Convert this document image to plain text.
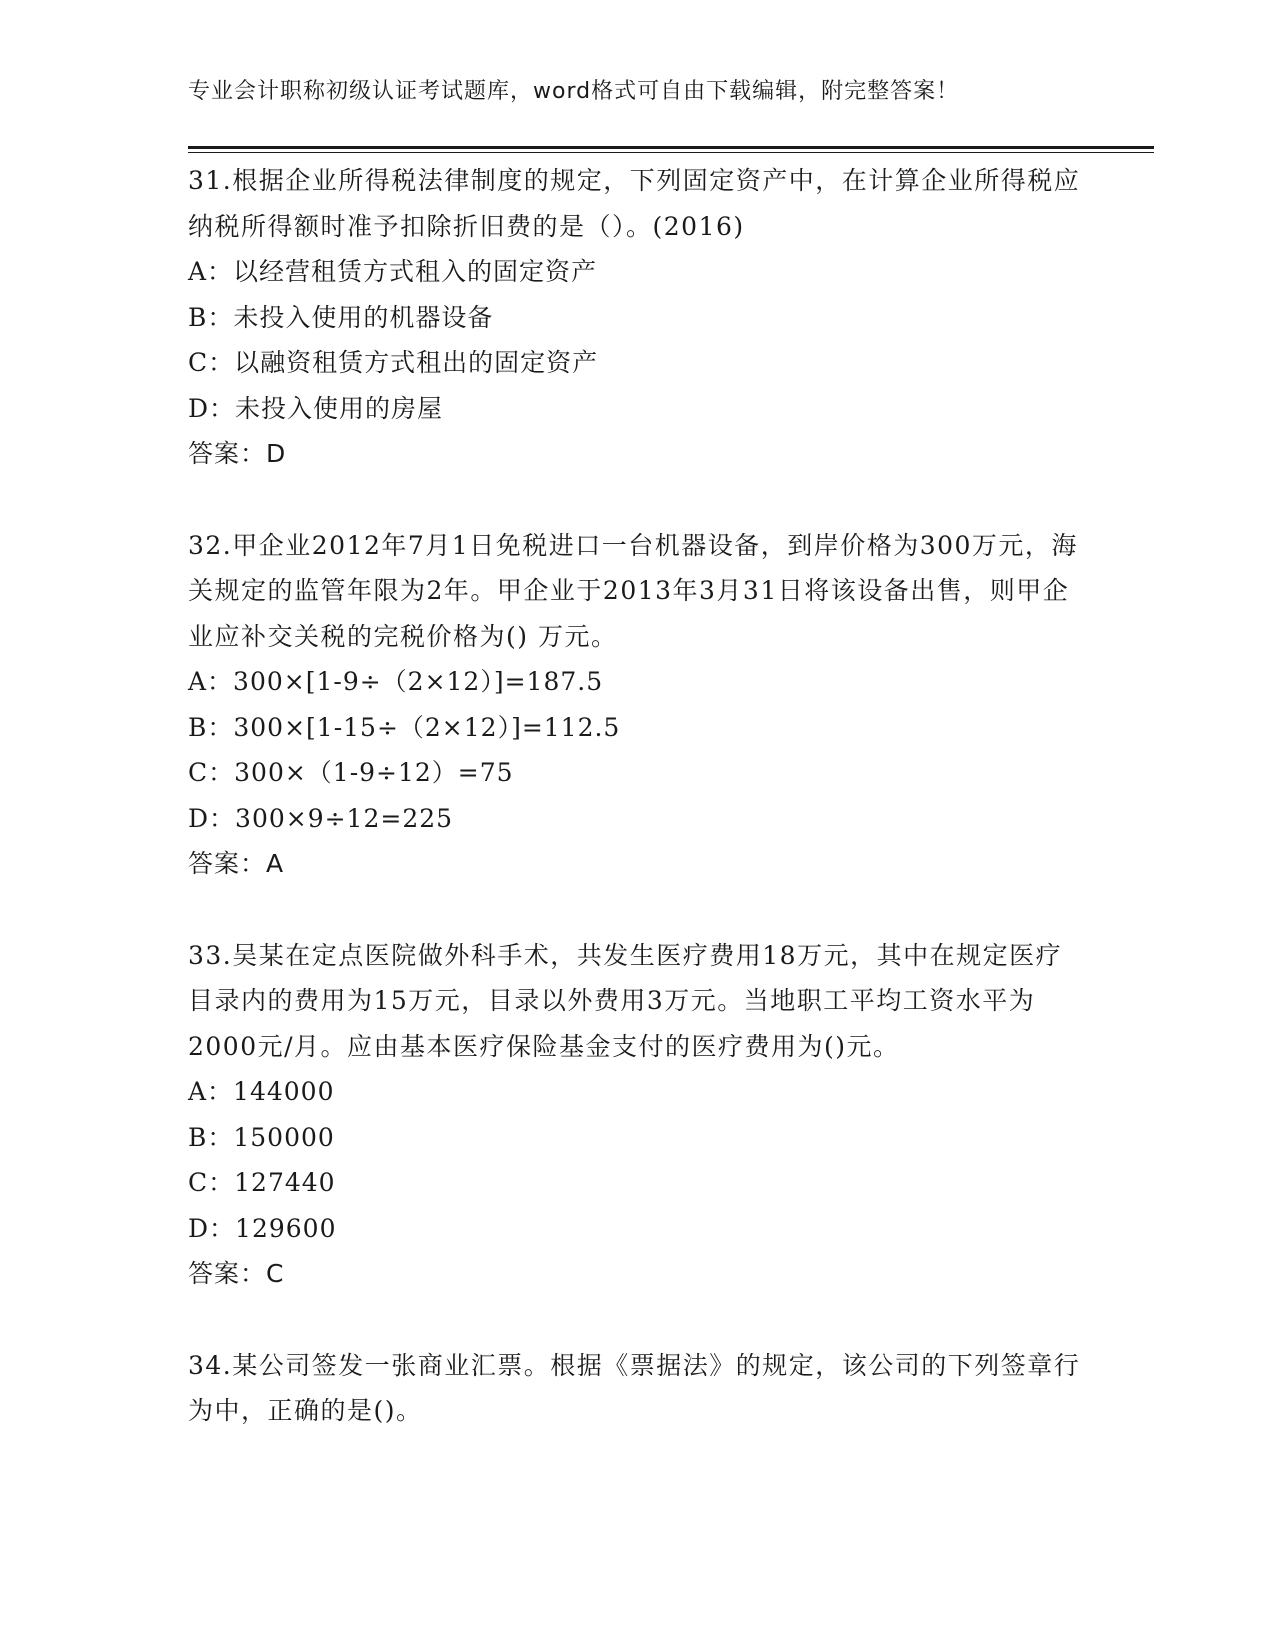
专业会计职称初级认证考试题库，word格式可自由下载编辑，附完整答案！

31.根据企业所得税法律制度的规定，下列固定资产中，在计算企业所得税应纳税所得额时准予扣除折旧费的是（）。(2016)

A：以经营租赁方式租入的固定资产

B：未投入使用的机器设备

C：以融资租赁方式租出的固定资产

D：未投入使用的房屋

答案：D

32.甲企业2012年7月1日免税进口一台机器设备，到岸价格为300万元，海关规定的监管年限为2年。甲企业于2013年3月31日将该设备出售，则甲企业应补交关税的完税价格为() 万元。

A：300×[1-9÷（2×12）]=187.5

B：300×[1-15÷（2×12）]=112.5

C：300×（1-9÷12）=75

D：300×9÷12=225

答案：A

33.吴某在定点医院做外科手术，共发生医疗费用18万元，其中在规定医疗目录内的费用为15万元，目录以外费用3万元。当地职工平均工资水平为2000元/月。应由基本医疗保险基金支付的医疗费用为()元。

A：144000

B：150000

C：127440

D：129600

答案：C

34.某公司签发一张商业汇票。根据《票据法》的规定，该公司的下列签章行为中，正确的是()。
